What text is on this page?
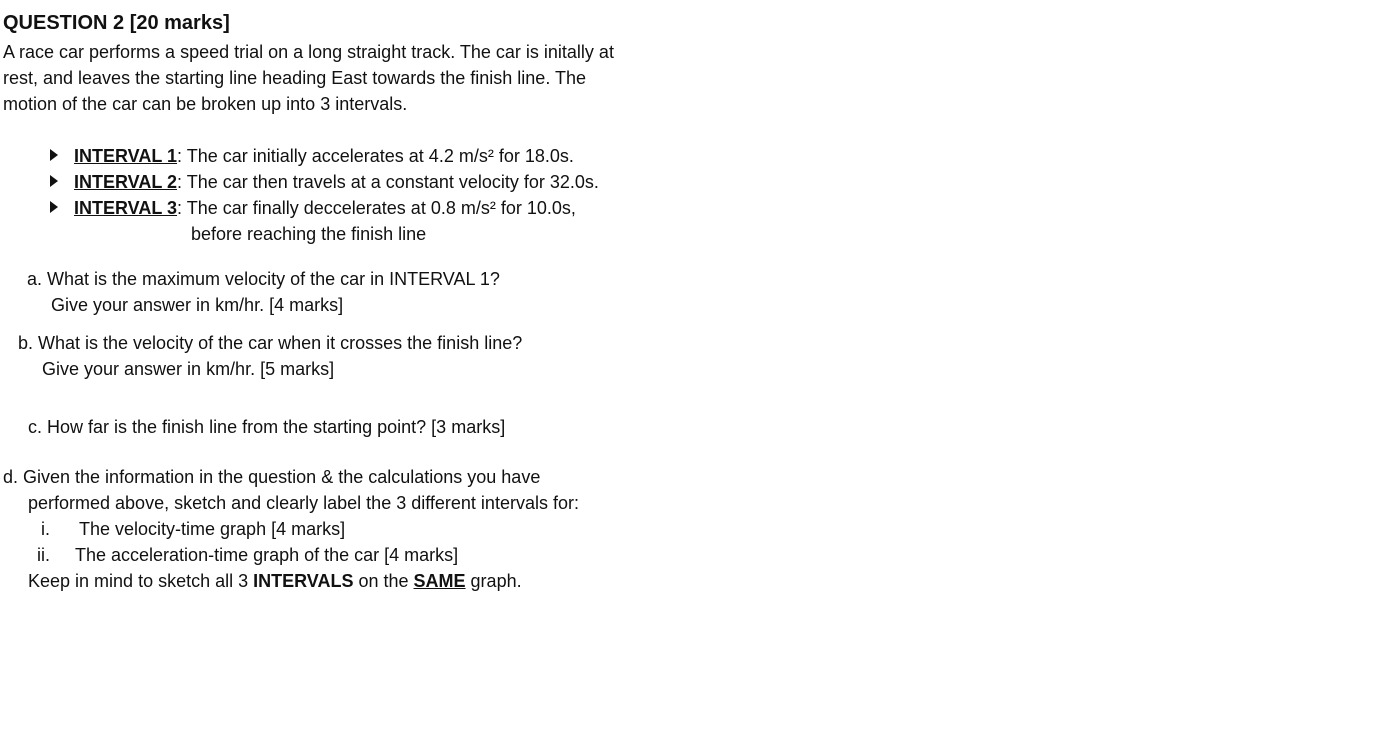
QUESTION 2 [20 marks]

A race car performs a speed trial on a long straight track. The car is initally at

rest, and leaves the starting line heading East towards the finish line. The

motion of the car can be broken up into 3 intervals.

INTERVAL 1: The car initially accelerates at 4.2 m/s² for 18.0s.
INTERVAL 2: The car then travels at a constant velocity for 32.0s.
INTERVAL 3: The car finally deccelerates at 0.8 m/s² for 10.0s,
before reaching the finish line
a. What is the maximum velocity of the car in INTERVAL 1?
Give your answer in km/hr. [4 marks]
b. What is the velocity of the car when it crosses the finish line?
Give your answer in km/hr. [5 marks]
c. How far is the finish line from the starting point? [3 marks]

d. Given the information in the question & the calculations you have

performed above, sketch and clearly label the 3 different intervals for:

i. The velocity-time graph [4 marks]
ii. The acceleration-time graph of the car [4 marks]
Keep in mind to sketch all 3 INTERVALS on the SAME graph.
